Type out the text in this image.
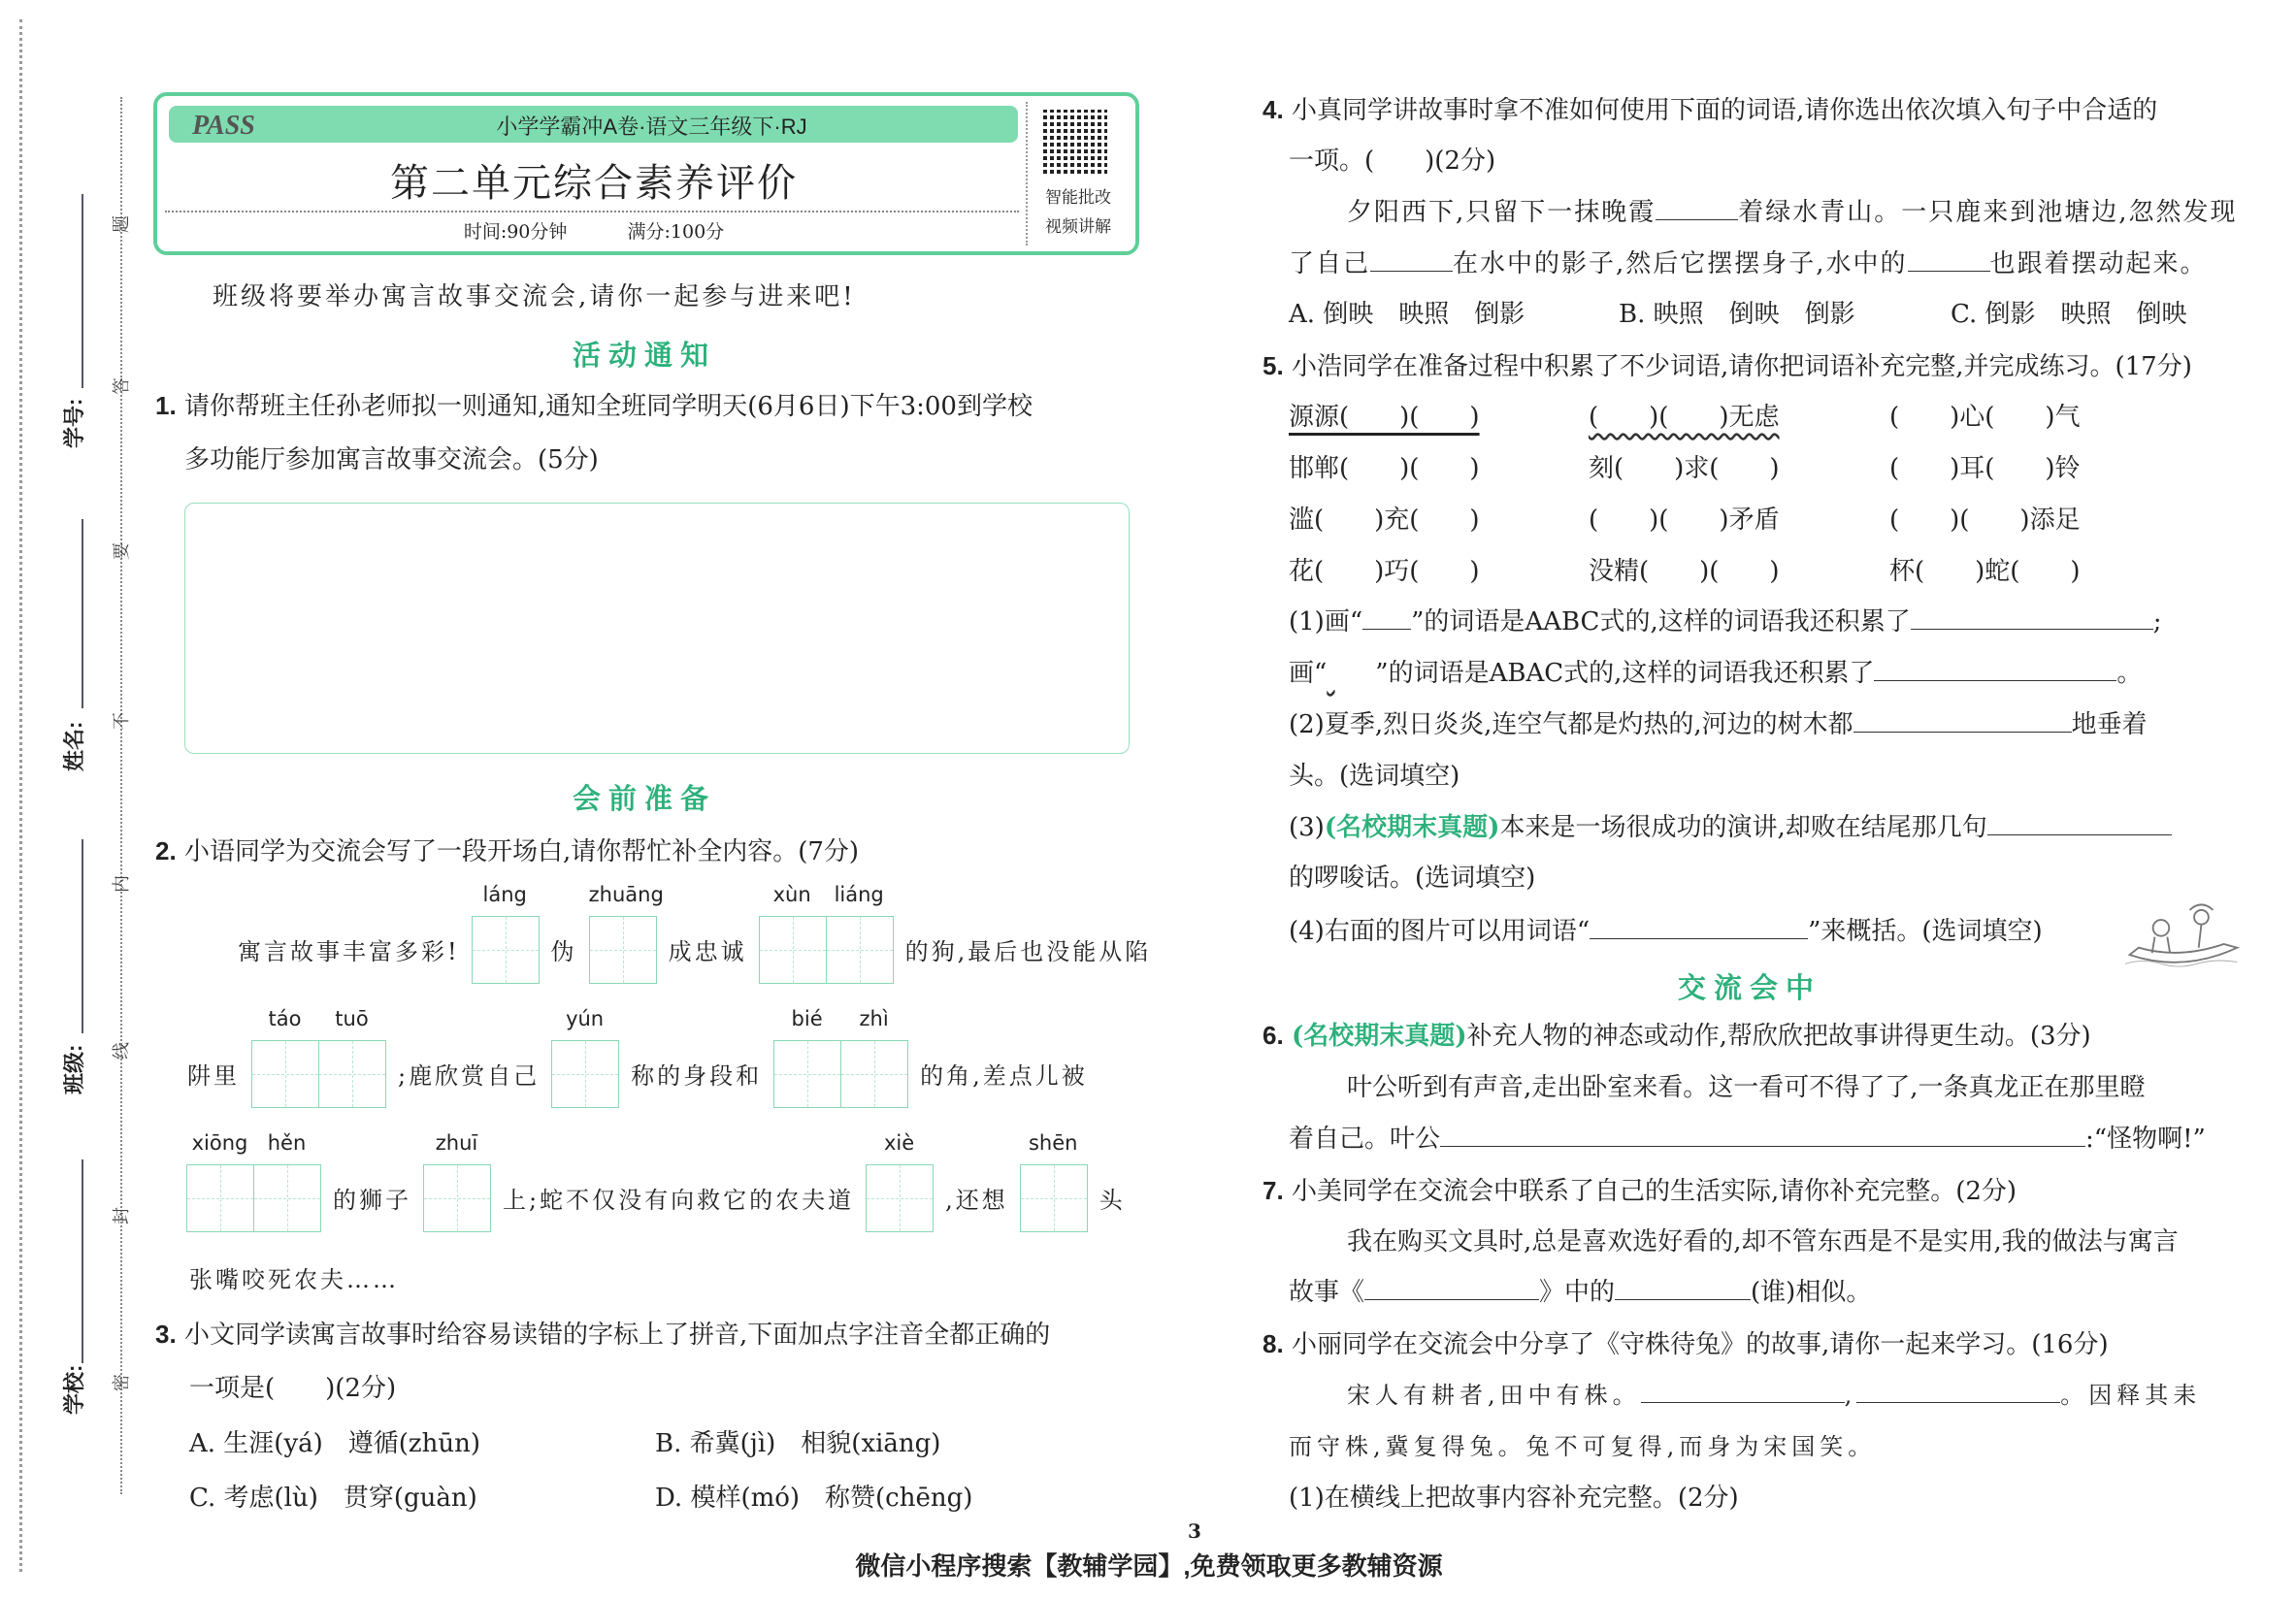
学号:
姓名:
班级:
学校:
题
答
要
不
内
线
封
密
PASS	小学学霸冲A卷·语文三年级下·RJ
第二单元综合素养评价
时间:90分钟	满分:100分
智能批改
视频讲解
班级将要举办寓言故事交流会,请你一起参与进来吧!
活动通知
1. 请你帮班主任孙老师拟一则通知,通知全班同学明天(6月6日)下午3:00到学校
多功能厅参加寓言故事交流会。(5分)
会前准备
2. 小语同学为交流会写了一段开场白,请你帮忙补全内容。(7分)
寓言故事丰富多彩!
láng
伪
zhuāng
成忠诚
xùn	liáng
的狗,最后也没能从陷
阱里
táo	tuō
;鹿欣赏自己
yún
称的身段和
bié	zhì
的角,差点儿被
xiōng hěn
的狮子
zhuī
上;蛇不仅没有向救它的农夫道
xiè
,还想
shēn
头
张嘴咬死农夫……
3. 小文同学读寓言故事时给容易读错的字标上了拼音,下面加点字注音全都正确的
一项是(　　)(2分)
A. 生涯(yá)　遵循(zhūn)	B. 希冀(jì)　相貌(xiāng)
C. 考虑(lù)　贯穿(guàn)	D. 模样(mó)　称赞(chēng)
4. 小真同学讲故事时拿不准如何使用下面的词语,请你选出依次填入句子中合适的
一项。(　　)(2分)
夕阳西下,只留下一抹晚霞	着绿水青山。一只鹿来到池塘边,忽然发现
了自己	在水中的影子,然后它摆摆身子,水中的	也跟着摆动起来。
A. 倒映　映照　倒影	B. 映照　倒映　倒影	C. 倒影　映照　倒映
5. 小浩同学在准备过程中积累了不少词语,请你把词语补充完整,并完成练习。(17分)
源源(　　)(　　)	(　　)(　　)无虑	(　　)心(　　)气
邯郸(　　)(　　)	刻(　　)求(　　)	(　　)耳(　　)铃
滥(　　)充(　　)	(　　)(　　)矛盾	(　　)(　　)添足
花(　　)巧(　　)	没精(　　)(　　)	杯(　　)蛇(　　)
(1)画“ ”的词语是AABC式的,这样的词语我还积累了	;
画“ ”的词语是ABAC式的,这样的词语我还积累了	。
(2)夏季,烈日炎炎,连空气都是灼热的,河边的树木都	地垂着
头。(选词填空)
(3)(名校期末真题)本来是一场很成功的演讲,却败在结尾那几句
的啰唆话。(选词填空)
(4)右面的图片可以用词语“	”来概括。(选词填空)
交流会中
6. (名校期末真题)补充人物的神态或动作,帮欣欣把故事讲得更生动。(3分)
叶公听到有声音,走出卧室来看。这一看可不得了了,一条真龙正在那里瞪
着自己。叶公	:“怪物啊!”
7. 小美同学在交流会中联系了自己的生活实际,请你补充完整。(2分)
我在购买文具时,总是喜欢选好看的,却不管东西是不是实用,我的做法与寓言
故事《	》中的	(谁)相似。
8. 小丽同学在交流会中分享了《守株待兔》的故事,请你一起来学习。(16分)
宋人有耕者,田中有株。	,	。因释其耒
而守株,冀复得兔。兔不可复得,而身为宋国笑。
(1)在横线上把故事内容补充完整。(2分)
3
微信小程序搜索【教辅学园】,免费领取更多教辅资源
